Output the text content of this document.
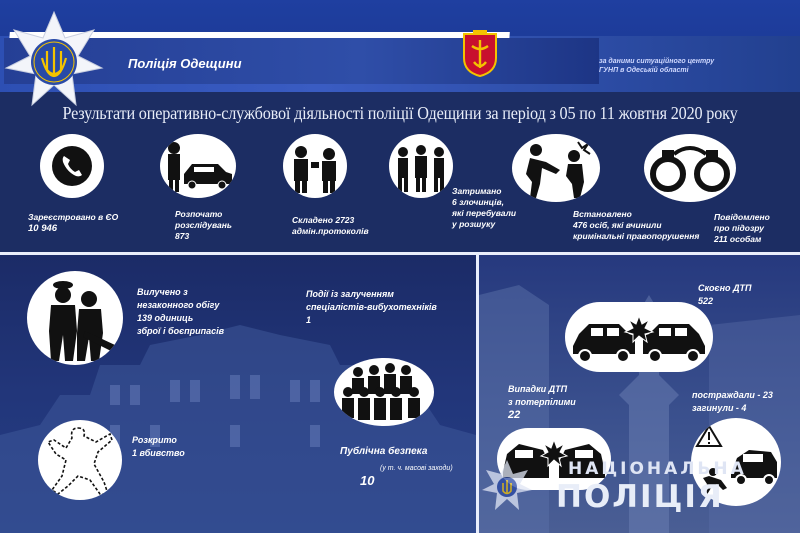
Поліція Одещини	за даними ситуаційного центру
ГУНП в Одеській області
Результати оперативно-службової діяльності поліції Одещини за період з 05 по 11 жовтня 2020 року
Зареєстровано в ЄО
10 946
Розпочато
розслідувань
873
Складено 2723
адмін.протоколів
Затримано
6 злочинців,
які перебували
у розшуку
Встановлено
476 осіб, які вчинили
кримінальні правопорушення
Повідомлено
про підозру
211 особам
Вилучено з
незаконного обігу
139 одиниць
зброї і боєприпасів
Події із залученням
спеціалістів-вибухотехніків
1
Розкрито
1 вбивство	Публічна безпека
(у т. ч. масові заходи)
10
Скоєно ДТП
522
Випадки ДТП
з потерпілими
22
постраждали - 23
загинули - 4
НАЦІОНАЛЬНА
ПОЛІЦІЯ
